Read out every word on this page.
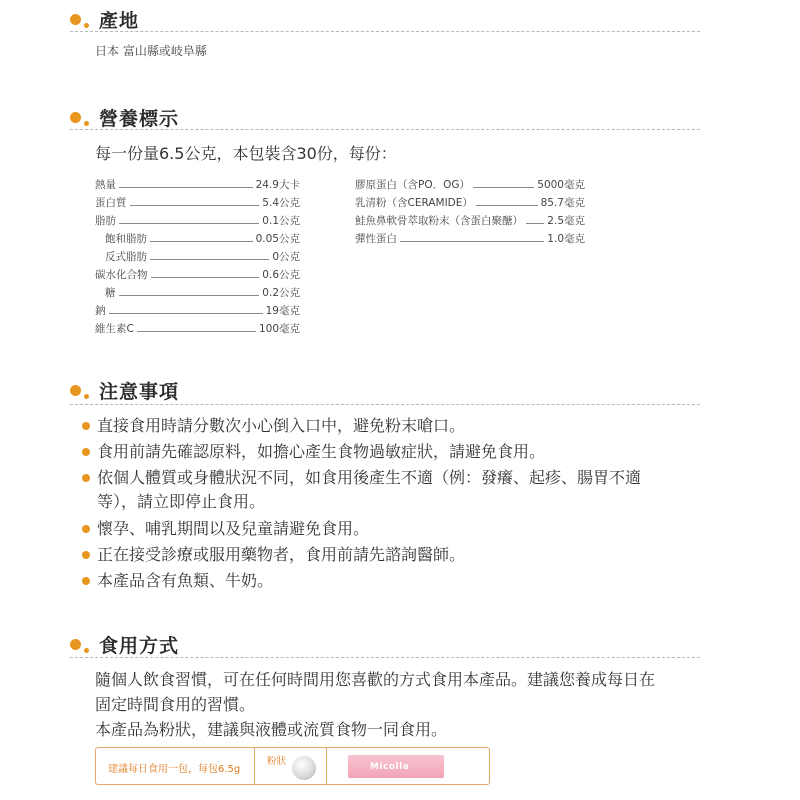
產地
日本 富山縣或岐阜縣
營養標示
每一份量6.5公克，本包裝含30份，每份：
熱量	24.9大卡
蛋白質	5.4公克
脂肪	0.1公克
飽和脂肪	0.05公克
反式脂肪	0公克
碳水化合物	0.6公克
糖	0.2公克
鈉	19毫克
維生素C	100毫克
膠原蛋白（含PO．OG）	5000毫克
乳清粉（含CERAMIDE）	85.7毫克
鮭魚鼻軟骨萃取粉末（含蛋白聚醣） 2.5毫克
彈性蛋白	1.0毫克
注意事項
直接食用時請分數次小心倒入口中，避免粉末嗆口。
食用前請先確認原料，如擔心產生食物過敏症狀，請避免食用。
依個人體質或身體狀況不同，如食用後產生不適（例：發癢、起疹、腸胃不適
等），請立即停止食用。
懷孕、哺乳期間以及兒童請避免食用。
正在接受診療或服用藥物者，食用前請先諮詢醫師。
本產品含有魚類、牛奶。
食用方式
隨個人飲食習慣，可在任何時間用您喜歡的方式食用本產品。建議您養成每日在
固定時間食用的習慣。
本產品為粉狀，建議與液體或流質食物一同食用。
建議每日食用一包，每包6.5g
粉狀	Micolla
